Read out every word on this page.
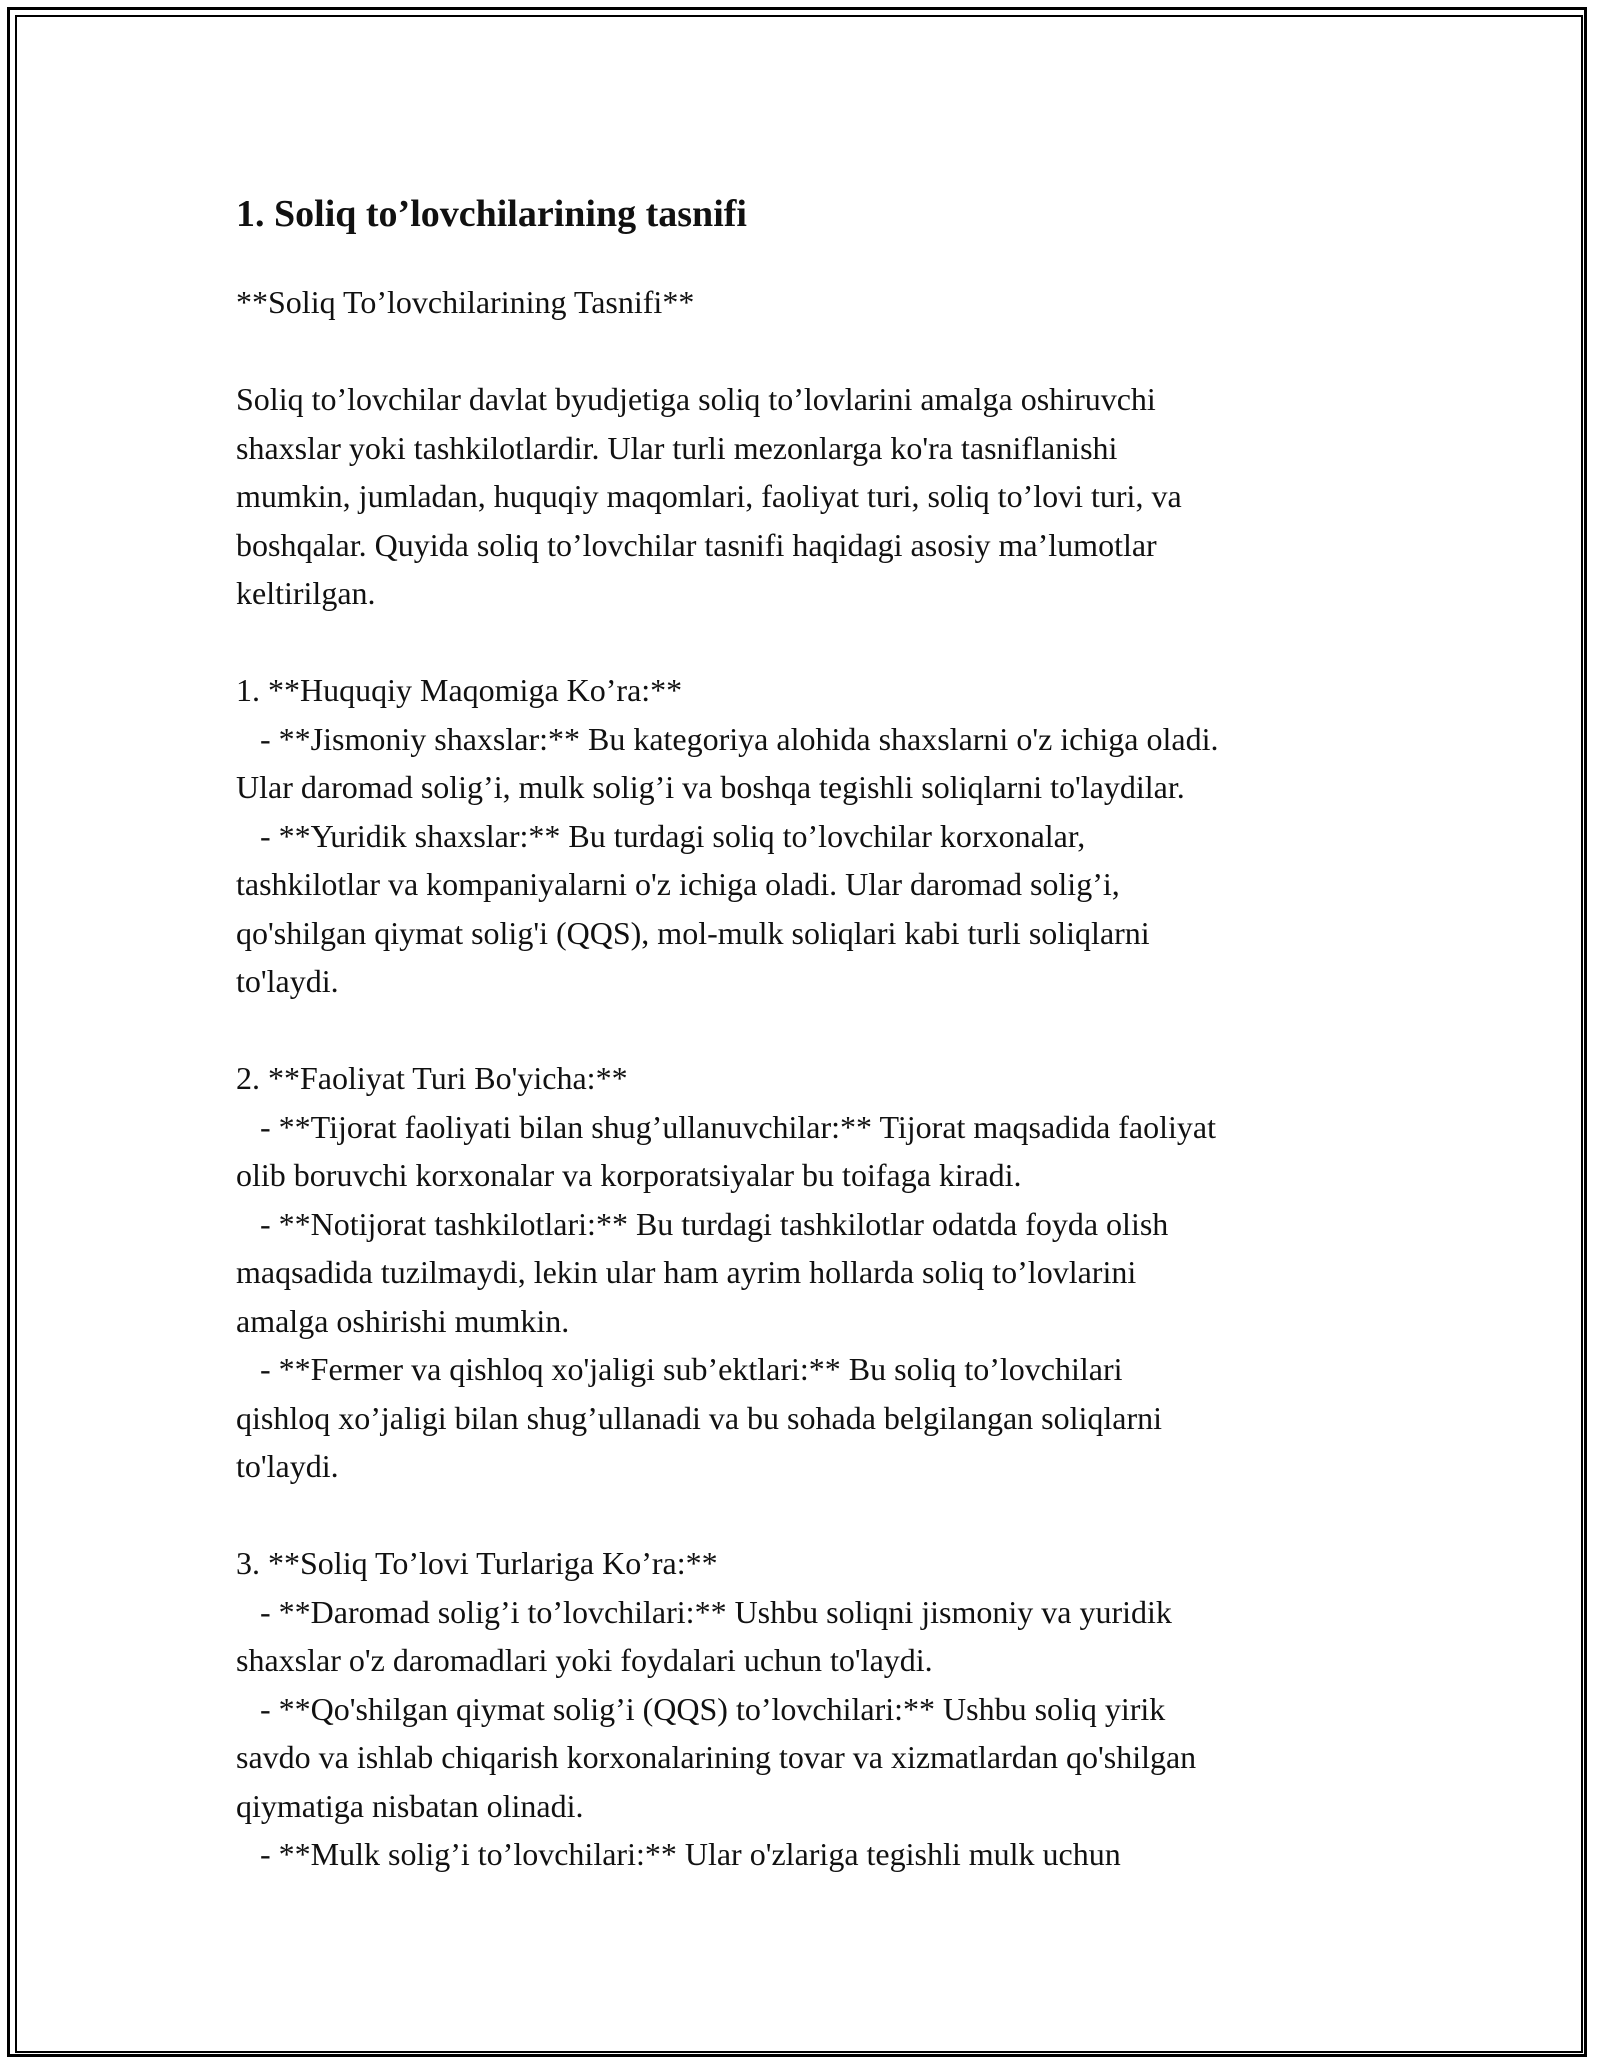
1. Soliq to’lovchilarining tasnifi

**Soliq To’lovchilarining Tasnifi**

Soliq to’lovchilar davlat byudjetiga soliq to’lovlarini amalga oshiruvchi

shaxslar yoki tashkilotlardir. Ular turli mezonlarga ko'ra tasniflanishi

mumkin, jumladan, huquqiy maqomlari, faoliyat turi, soliq to’lovi turi, va

boshqalar. Quyida soliq to’lovchilar tasnifi haqidagi asosiy ma’lumotlar

keltirilgan.

1. **Huquqiy Maqomiga Ko’ra:**

- **Jismoniy shaxslar:** Bu kategoriya alohida shaxslarni o'z ichiga oladi.

Ular daromad solig’i, mulk solig’i va boshqa tegishli soliqlarni to'laydilar.

- **Yuridik shaxslar:** Bu turdagi soliq to’lovchilar korxonalar,

tashkilotlar va kompaniyalarni o'z ichiga oladi. Ular daromad solig’i,

qo'shilgan qiymat solig'i (QQS), mol-mulk soliqlari kabi turli soliqlarni

to'laydi.

2. **Faoliyat Turi Bo'yicha:**

- **Tijorat faoliyati bilan shug’ullanuvchilar:** Tijorat maqsadida faoliyat

olib boruvchi korxonalar va korporatsiyalar bu toifaga kiradi.

- **Notijorat tashkilotlari:** Bu turdagi tashkilotlar odatda foyda olish

maqsadida tuzilmaydi, lekin ular ham ayrim hollarda soliq to’lovlarini

amalga oshirishi mumkin.

- **Fermer va qishloq xo'jaligi sub’ektlari:** Bu soliq to’lovchilari

qishloq xo’jaligi bilan shug’ullanadi va bu sohada belgilangan soliqlarni

to'laydi.

3. **Soliq To’lovi Turlariga Ko’ra:**

- **Daromad solig’i to’lovchilari:** Ushbu soliqni jismoniy va yuridik

shaxslar o'z daromadlari yoki foydalari uchun to'laydi.

- **Qo'shilgan qiymat solig’i (QQS) to’lovchilari:** Ushbu soliq yirik

savdo va ishlab chiqarish korxonalarining tovar va xizmatlardan qo'shilgan

qiymatiga nisbatan olinadi.

- **Mulk solig’i to’lovchilari:** Ular o'zlariga tegishli mulk uchun
